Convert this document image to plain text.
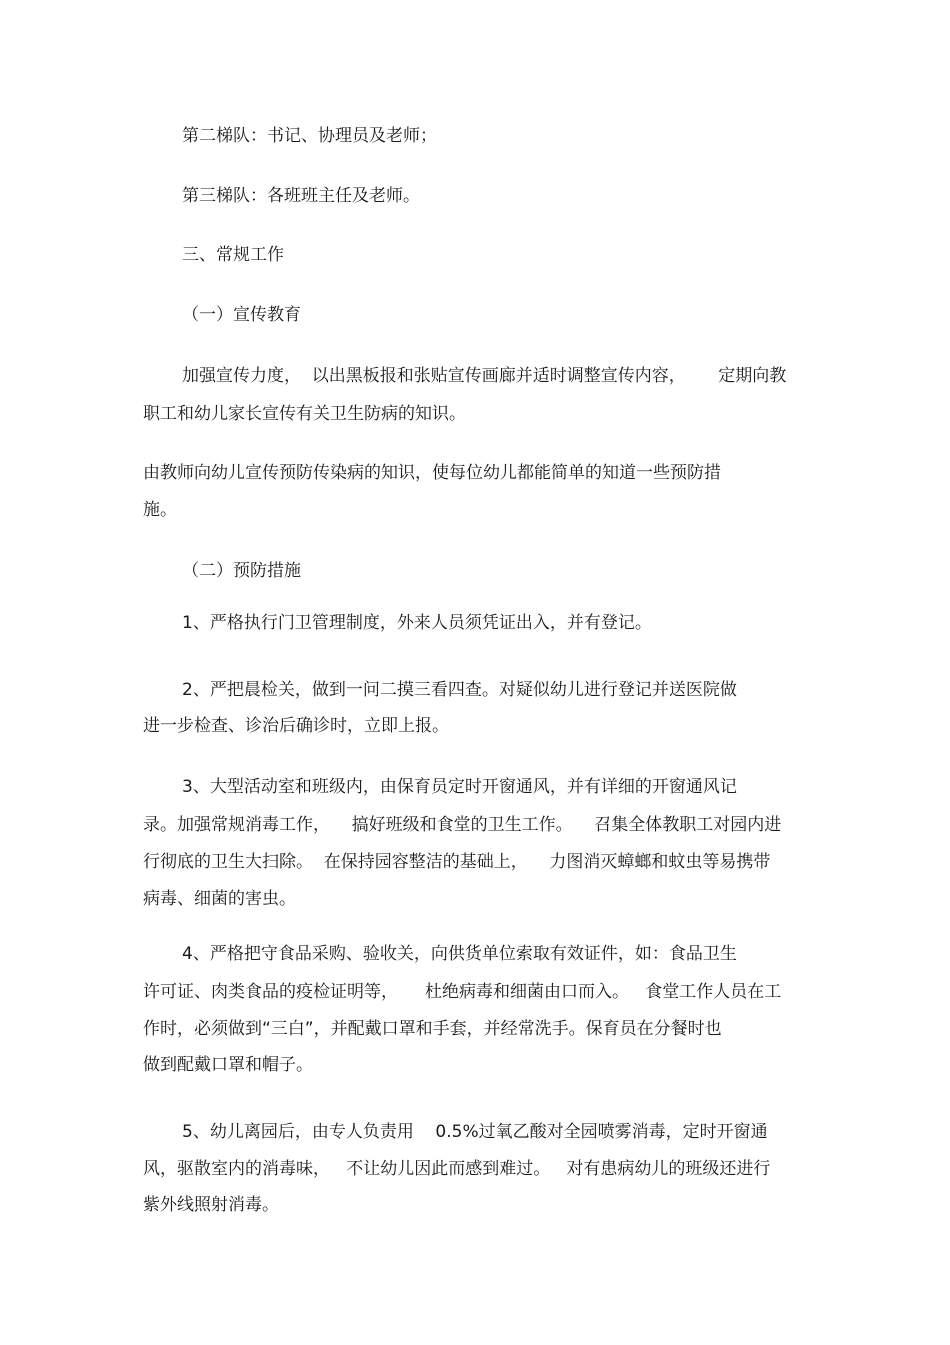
第二梯队：书记、协理员及老师；

第三梯队：各班班主任及老师。

三、常规工作

（一）宣传教育

加强宣传力度，  以出黑板报和张贴宣传画廊并适时调整宣传内容，      定期向教

职工和幼儿家长宣传有关卫生防病的知识。

由教师向幼儿宣传预防传染病的知识，使每位幼儿都能简单的知道一些预防措

施。

（二）预防措施

1、严格执行门卫管理制度，外来人员须凭证出入，并有登记。

2、严把晨检关，做到一问二摸三看四查。对疑似幼儿进行登记并送医院做

进一步检查、诊治后确诊时，立即上报。

3、大型活动室和班级内，由保育员定时开窗通风，并有详细的开窗通风记

录。加强常规消毒工作，    搞好班级和食堂的卫生工作。    召集全体教职工对园内进

行彻底的卫生大扫除。  在保持园容整洁的基础上，    力图消灭蟑螂和蚊虫等易携带

病毒、细菌的害虫。

4、严格把守食品采购、验收关，向供货单位索取有效证件，如：食品卫生

许可证、肉类食品的疫检证明等，     杜绝病毒和细菌由口而入。   食堂工作人员在工

作时，必须做到“三白”，并配戴口罩和手套，并经常洗手。保育员在分餐时也

做到配戴口罩和帽子。

5、幼儿离园后，由专人负责用    0.5%过氧乙酸对全园喷雾消毒，定时开窗通

风，驱散室内的消毒味，   不让幼儿因此而感到难过。   对有患病幼儿的班级还进行

紫外线照射消毒。
